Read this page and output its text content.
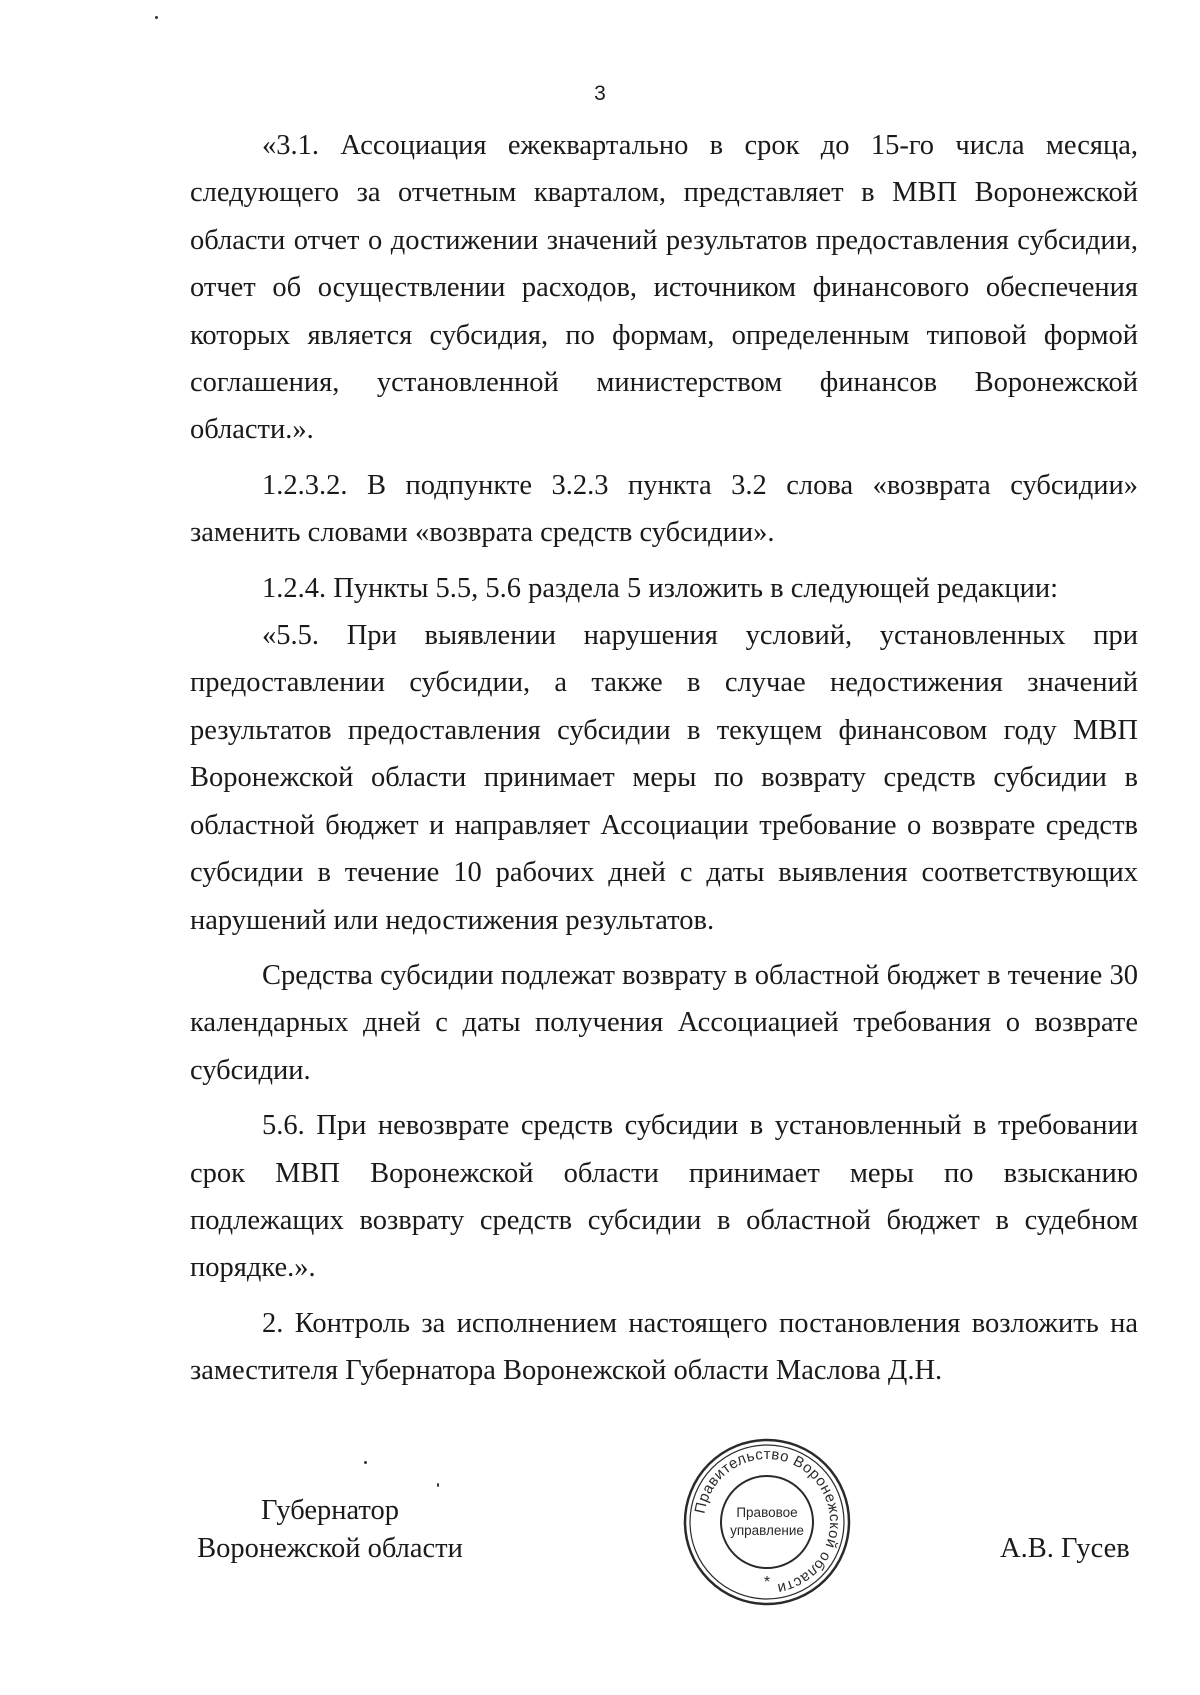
3

«3.1. Ассоциация ежеквартально в срок до 15-го числа месяца, следующего за отчетным кварталом, представляет в МВП Воронежской области отчет о достижении значений результатов предоставления субсидии, отчет об осуществлении расходов, источником финансового обеспечения которых является субсидия, по формам, определенным типовой формой соглашения, установленной министерством финансов Воронежской области.».

1.2.3.2. В подпункте 3.2.3 пункта 3.2 слова «возврата субсидии» заменить словами «возврата средств субсидии».

1.2.4. Пункты 5.5, 5.6 раздела 5 изложить в следующей редакции:

«5.5. При выявлении нарушения условий, установленных при предоставлении субсидии, а также в случае недостижения значений результатов предоставления субсидии в текущем финансовом году МВП Воронежской области принимает меры по возврату средств субсидии в областной бюджет и направляет Ассоциации требование о возврате средств субсидии в течение 10 рабочих дней с даты выявления соответствующих нарушений или недостижения результатов.

Средства субсидии подлежат возврату в областной бюджет в течение 30 календарных дней с даты получения Ассоциацией требования о возврате субсидии.

5.6. При невозврате средств субсидии в установленный в требовании срок МВП Воронежской области принимает меры по взысканию подлежащих возврату средств субсидии в областной бюджет в судебном порядке.».

2. Контроль за исполнением настоящего постановления возложить на заместителя Губернатора Воронежской области Маслова Д.Н.

Губернатор
Воронежской области
Правительство Воронежской области
Правовое
управление
*
А.В. Гусев
